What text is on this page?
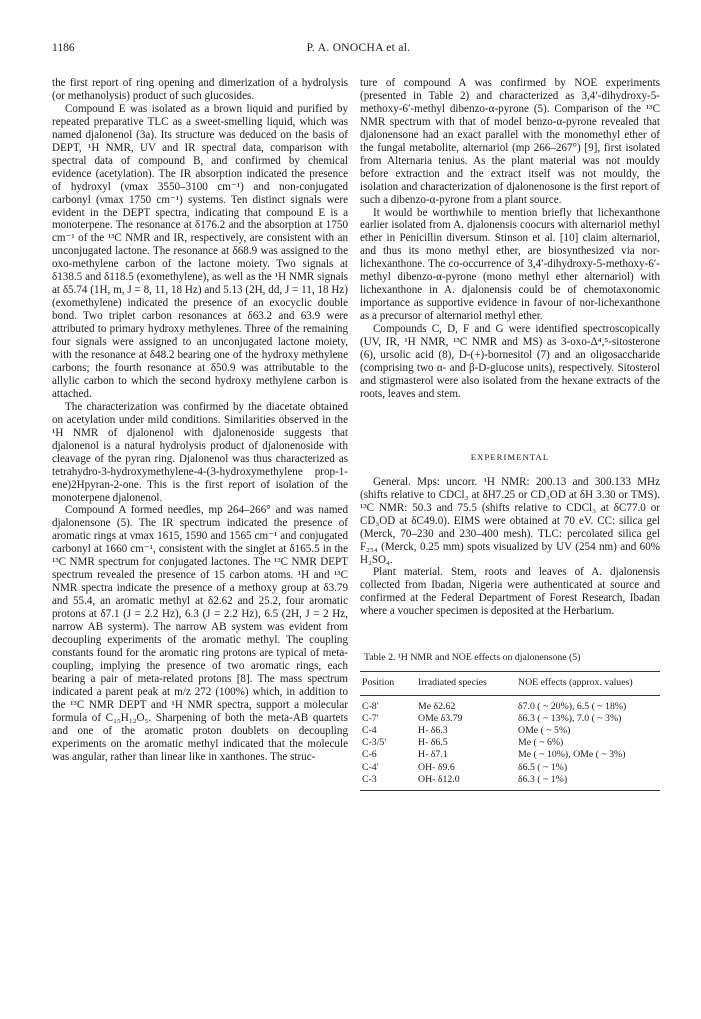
1186	P. A. ONOCHA et al.

the first report of ring opening and dimerization of a hydrolysis (or methanolysis) product of such glucosides.

Compound E was isolated as a brown liquid and purified by repeated preparative TLC as a sweet-smelling liquid, which was named djalonenol (3a). Its structure was deduced on the basis of DEPT, ¹H NMR, UV and IR spectral data, comparison with spectral data of compound B, and confirmed by chemical evidence (acetylation). The IR absorption indicated the presence of hydroxyl (νmax 3550–3100 cm⁻¹) and non-conjugated carbonyl (νmax 1750 cm⁻¹) systems. Ten distinct signals were evident in the DEPT spectra, indicating that compound E is a monoterpene. The resonance at δ176.2 and the absorption at 1750 cm⁻¹ of the ¹³C NMR and IR, respectively, are consistent with an unconjugated lactone. The resonance at δ68.9 was assigned to the oxo-methylene carbon of the lactone moiety. Two signals at δ138.5 and δ118.5 (exomethylene), as well as the ¹H NMR signals at δ5.74 (1H, m, J = 8, 11, 18 Hz) and 5.13 (2H, dd, J = 11, 18 Hz) (exomethylene) indicated the presence of an exocyclic double bond. Two triplet carbon resonances at δ63.2 and 63.9 were attributed to primary hydroxy methylenes. Three of the remaining four signals were assigned to an unconjugated lactone moiety, with the resonance at δ48.2 bearing one of the hydroxy methylene carbons; the fourth resonance at δ50.9 was attributable to the allylic carbon to which the second hydroxy methylene carbon is attached.

The characterization was confirmed by the diacetate obtained on acetylation under mild conditions. Similarities observed in the ¹H NMR of djalonenol with djalonenoside suggests that djalonenol is a natural hydrolysis product of djalonenoside with cleavage of the pyran ring. Djalonenol was thus characterized as tetrahydro-3-hydroxymethylene-4-(3-hydroxymethylene prop-1-ene)2Hpyran-2-one. This is the first report of isolation of the monoterpene djalonenol.

Compound A formed needles, mp 264–266° and was named djalonensone (5). The IR spectrum indicated the presence of aromatic rings at νmax 1615, 1590 and 1565 cm⁻¹ and conjugated carbonyl at 1660 cm⁻¹, consistent with the singlet at δ165.5 in the ¹³C NMR spectrum for conjugated lactones. The ¹³C NMR DEPT spectrum revealed the presence of 15 carbon atoms. ¹H and ¹³C NMR spectra indicate the presence of a methoxy group at δ3.79 and 55.4, an aromatic methyl at δ2.62 and 25.2, four aromatic protons at δ7.1 (J = 2.2 Hz), 6.3 (J = 2.2 Hz), 6.5 (2H, J = 2 Hz, narrow AB systerm). The narrow AB system was evident from decoupling experiments of the aromatic methyl. The coupling constants found for the aromatic ring protons are typical of meta-coupling, implying the presence of two aromatic rings, each bearing a pair of meta-related protons [8]. The mass spectrum indicated a parent peak at m/z 272 (100%) which, in addition to the ¹³C NMR DEPT and ¹H NMR spectra, support a molecular formula of C₁₅H₁₂O₅. Sharpening of both the meta-AB quartets and one of the aromatic proton doublets on decoupling experiments on the aromatic methyl indicated that the molecule was angular, rather than linear like in xanthones. The struc-

ture of compound A was confirmed by NOE experiments (presented in Table 2) and characterized as 3,4′-dihydroxy-5-methoxy-6′-methyl dibenzo-α-pyrone (5). Comparison of the ¹³C NMR spectrum with that of model benzo-α-pyrone revealed that djalonensone had an exact parallel with the monomethyl ether of the fungal metabolite, alternariol (mp 266–267°) [9], first isolated from Alternaria tenius. As the plant material was not mouldy before extraction and the extract itself was not mouldy, the isolation and characterization of djalonenosone is the first report of such a dibenzo-α-pyrone from a plant source.

It would be worthwhile to mention briefly that lichexanthone earlier isolated from A. djalonensis coocurs with alternariol methyl ether in Penicillin diversum. Stinson et al. [10] claim alternariol, and thus its mono methyl ether, are biosynthesized via nor-lichexanthone. The co-occurrence of 3,4′-dihydroxy-5-methoxy-6′-methyl dibenzo-α-pyrone (mono methyl ether alternariol) with lichexanthone in A. djalonensis could be of chemotaxonomic importance as supportive evidence in favour of nor-lichexanthone as a precursor of alternariol methyl ether.

Compounds C, D, F and G were identified spectroscopically (UV, IR, ¹H NMR, ¹³C NMR and MS) as 3-oxo-Δ⁴,⁵-sitosterone (6), ursolic acid (8), D-(+)-bornesitol (7) and an oligosaccharide (comprising two α- and β-D-glucose units), respectively. Sitosterol and stigmasterol were also isolated from the hexane extracts of the roots, leaves and stem.

EXPERIMENTAL

General. Mps: uncorr. ¹H NMR: 200.13 and 300.133 MHz (shifts relative to CDCl₃ at δH7.25 or CD₃OD at δH 3.30 or TMS). ¹³C NMR: 50.3 and 75.5 (shifts relative to CDCl₃ at δC77.0 or CD₃OD at δC49.0). EIMS were obtained at 70 eV. CC: silica gel (Merck, 70–230 and 230–400 mesh). TLC: percolated silica gel F₂₅₄ (Merck, 0.25 mm) spots visualized by UV (254 nm) and 60% H₂SO₄.

Plant material. Stem, roots and leaves of A. djalonensis collected from Ibadan, Nigeria were authenticated at source and confirmed at the Federal Department of Forest Research, Ibadan where a voucher specimen is deposited at the Herbarium.

Table 2. ¹H NMR and NOE effects on djalonensone (5)
Position	Irradiated species	NOE effects (approx. values)
C-8′	Me δ2.62	δ7.0 ( ~ 20%), 6.5 ( ~ 18%)
C-7′	OMe δ3.79	δ6.3 ( ~ 13%), 7.0 ( ~ 3%)
C-4	H- δ6.3	OMe ( ~ 5%)
C-3/5′	H- δ6.5	Me ( ~ 6%)
C-6	H- δ7.1	Me ( ~ 10%), OMe ( ~ 3%)
C-4′	OH- δ9.6	δ6.5 ( ~ 1%)
C-3	OH- δ12.0	δ6.3 ( ~ 1%)
